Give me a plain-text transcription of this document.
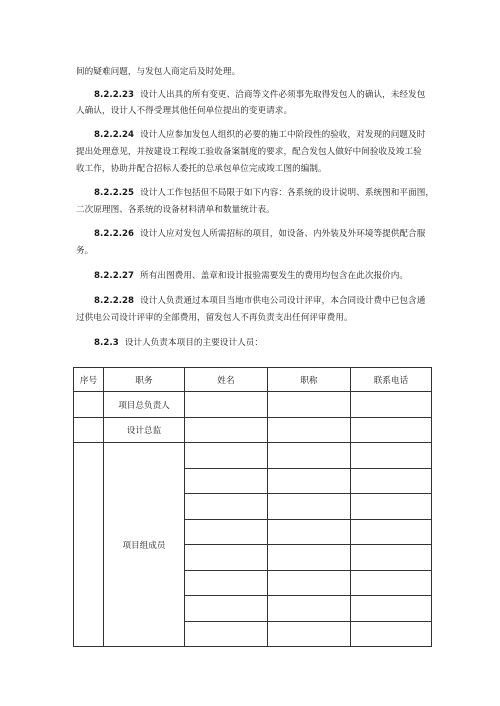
间的疑难问题，与发包人商定后及时处理。
8.2.2.23 设计人出具的所有变更、洽商等文件必须事先取得发包人的确认，未经发包
人确认，设计人不得受理其他任何单位提出的变更请求。
8.2.2.24 设计人应参加发包人组织的必要的施工中阶段性的验收，对发现的问题及时
提出处理意见，并按建设工程竣工验收备案制度的要求，配合发包人做好中间验收及竣工验
收工作，协助并配合招标人委托的总承包单位完成竣工图的编制。
8.2.2.25 设计人工作包括但不局限于如下内容：各系统的设计说明、系统图和平面图，
二次原理图、各系统的设备材料清单和数量统计表。
8.2.2.26 设计人应对发包人所需招标的项目，如设备、内外装及外环境等提供配合服
务。
8.2.2.27 所有出图费用、盖章和设计报验需要发生的费用均包含在此次报价内。
8.2.2.28 设计人负责通过本项目当地市供电公司设计评审，本合同设计费中已包含通
过供电公司设计评审的全部费用，留发包人不再负责支出任何评审费用。
8.2.3 设计人负责本项目的主要设计人员：
序号	职务	姓名	职称	联系电话
	项目总负责人			
	设计总监			
	项目组成员			
